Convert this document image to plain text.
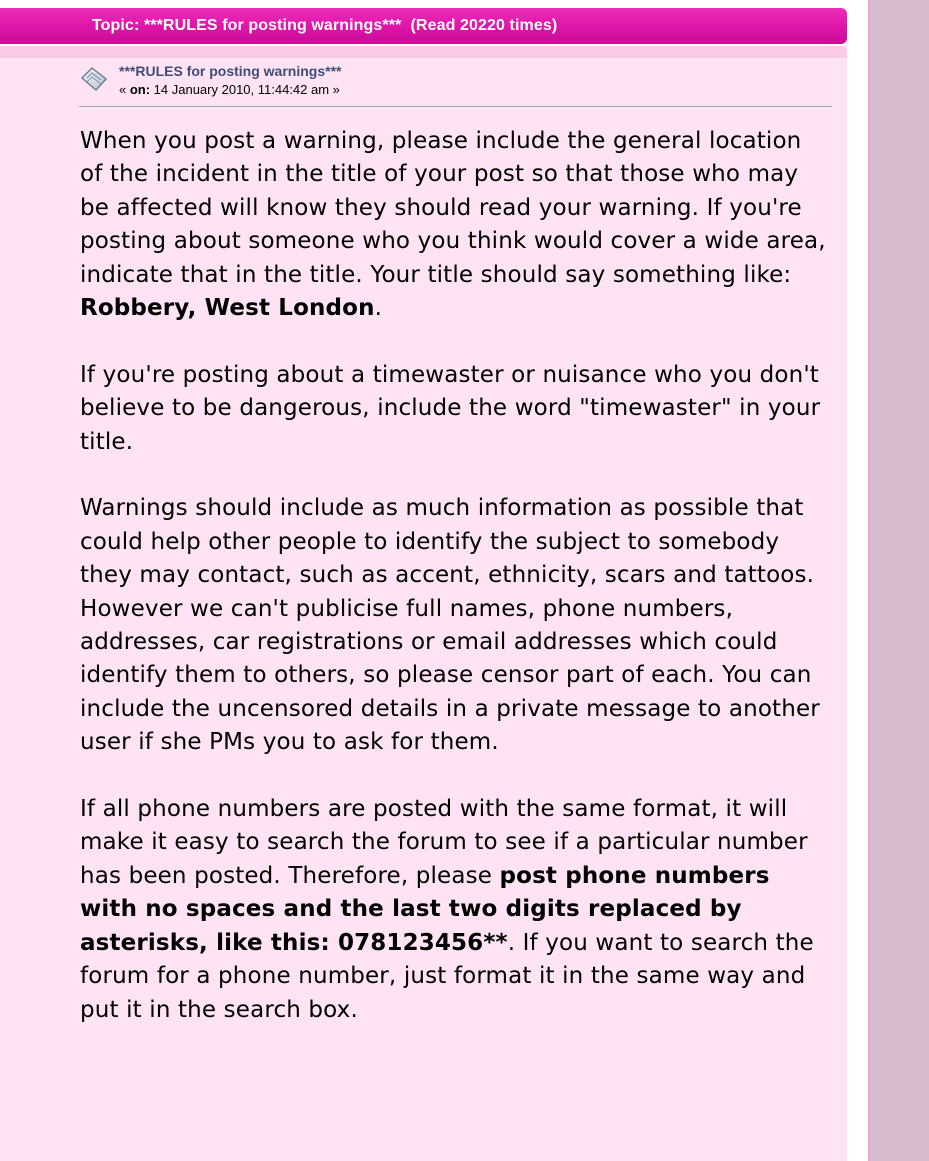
Topic: ***RULES for posting warnings***  (Read 20220 times)
***RULES for posting warnings***
« on: 14 January 2010, 11:44:42 am »

When you post a warning, please include the general location of the incident in the title of your post so that those who may be affected will know they should read your warning. If you're posting about someone who you think would cover a wide area, indicate that in the title. Your title should say something like: Robbery, West London.

If you're posting about a timewaster or nuisance who you don't believe to be dangerous, include the word "timewaster" in your title.

Warnings should include as much information as possible that could help other people to identify the subject to somebody they may contact, such as accent, ethnicity, scars and tattoos. However we can't publicise full names, phone numbers, addresses, car registrations or email addresses which could identify them to others, so please censor part of each. You can include the uncensored details in a private message to another user if she PMs you to ask for them.

If all phone numbers are posted with the same format, it will make it easy to search the forum to see if a particular number has been posted. Therefore, please post phone numbers with no spaces and the last two digits replaced by asterisks, like this: 078123456**. If you want to search the forum for a phone number, just format it in the same way and put it in the search box.
